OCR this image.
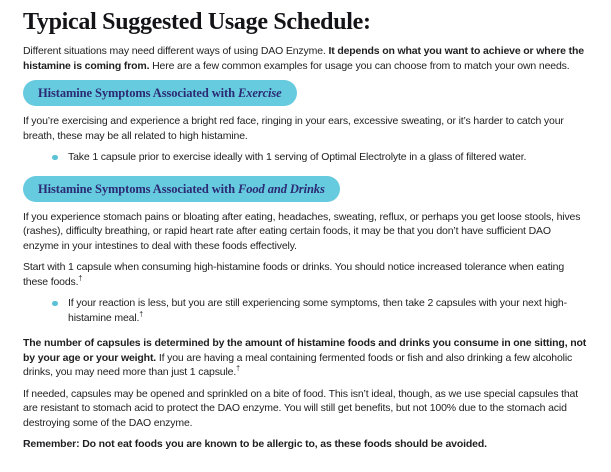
Typical Suggested Usage Schedule:

Different situations may need different ways of using DAO Enzyme. It depends on what you want to achieve or where the histamine is coming from. Here are a few common examples for usage you can choose from to match your own needs.

Histamine Symptoms Associated with Exercise

If you’re exercising and experience a bright red face, ringing in your ears, excessive sweating, or it’s harder to catch your breath, these may be all related to high histamine.

Take 1 capsule prior to exercise ideally with 1 serving of Optimal Electrolyte in a glass of filtered water.
Histamine Symptoms Associated with Food and Drinks

If you experience stomach pains or bloating after eating, headaches, sweating, reflux, or perhaps you get loose stools, hives (rashes), difficulty breathing, or rapid heart rate after eating certain foods, it may be that you don’t have sufficient DAO enzyme in your intestines to deal with these foods effectively.

Start with 1 capsule when consuming high-histamine foods or drinks. You should notice increased tolerance when eating these foods.†

If your reaction is less, but you are still experiencing some symptoms, then take 2 capsules with your next high-histamine meal.†

The number of capsules is determined by the amount of histamine foods and drinks you consume in one sitting, not by your age or your weight. If you are having a meal containing fermented foods or fish and also drinking a few alcoholic drinks, you may need more than just 1 capsule.†

If needed, capsules may be opened and sprinkled on a bite of food. This isn’t ideal, though, as we use special capsules that are resistant to stomach acid to protect the DAO enzyme. You will still get benefits, but not 100% due to the stomach acid destroying some of the DAO enzyme.

Remember: Do not eat foods you are known to be allergic to, as these foods should be avoided.
